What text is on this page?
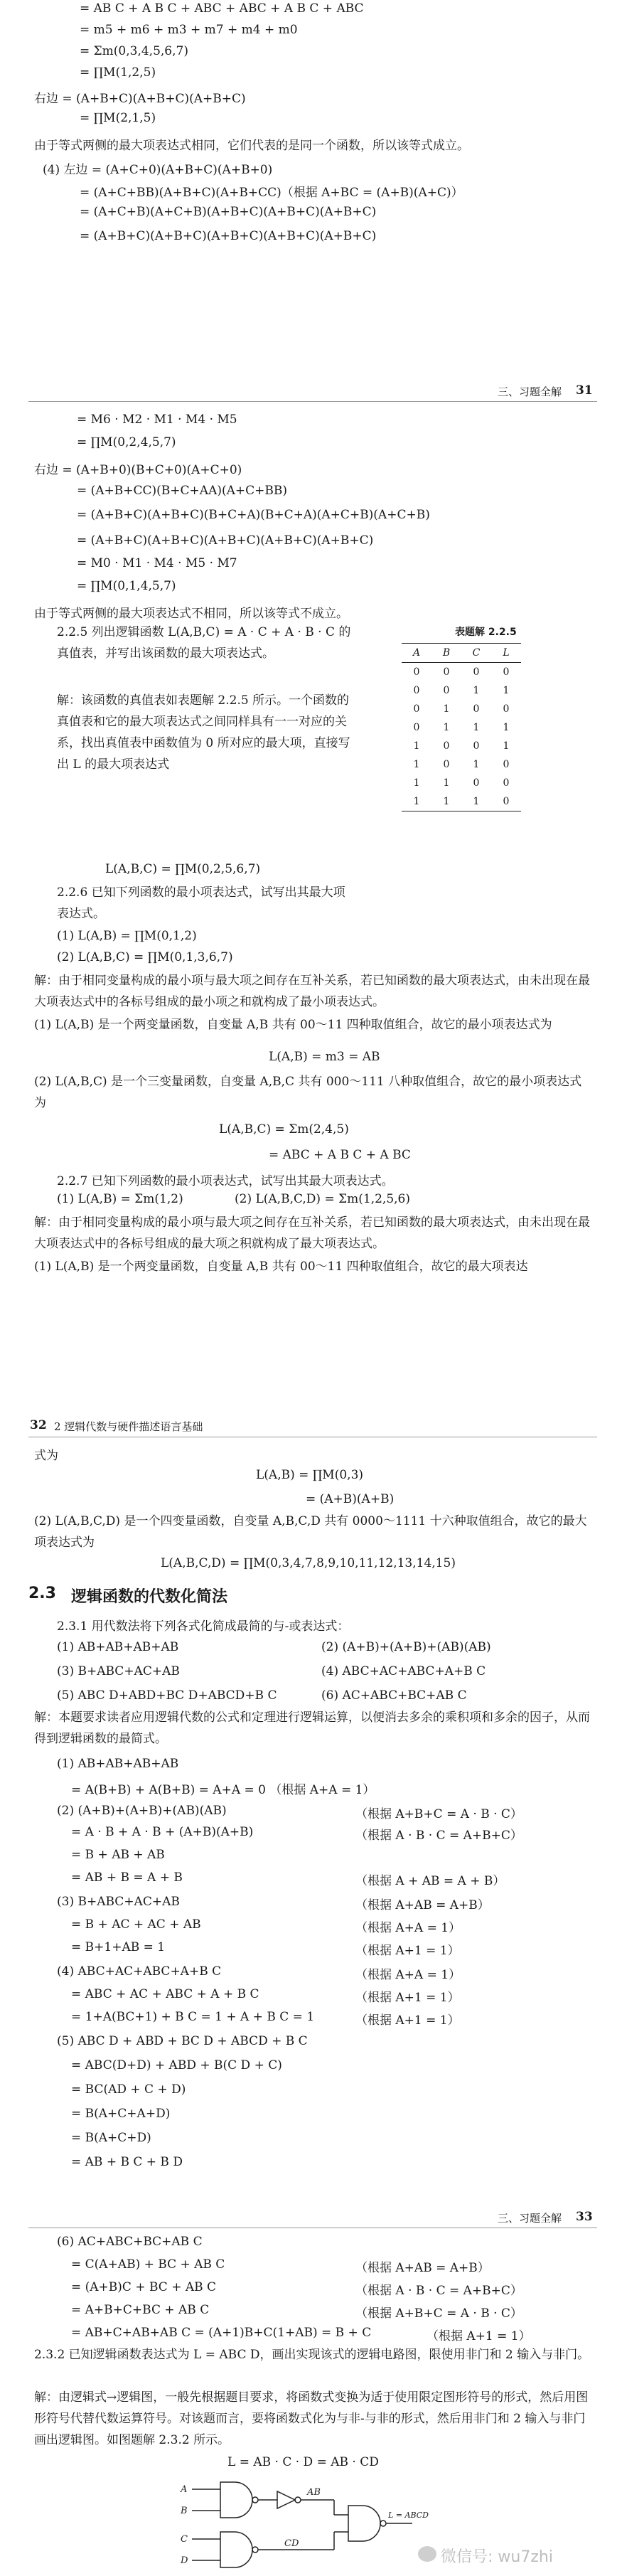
= AB C + A B C + ABC + ABC + A B C + ABC
= m5 + m6 + m3 + m7 + m4 + m0
= Σm(0,3,4,5,6,7)
= ∏M(1,2,5)
右边 = (A+B+C)(A+B+C)(A+B+C)
= ∏M(2,1,5)
由于等式两侧的最大项表达式相同，它们代表的是同一个函数，所以该等式成立。
(4) 左边 = (A+C+0)(A+B+C)(A+B+0)
= (A+C+BB)(A+B+C)(A+B+CC)（根据 A+BC = (A+B)(A+C)）
= (A+C+B)(A+C+B)(A+B+C)(A+B+C)(A+B+C)
= (A+B+C)(A+B+C)(A+B+C)(A+B+C)(A+B+C)
三、习题全解 31
= M6 · M2 · M1 · M4 · M5
= ∏M(0,2,4,5,7)
右边 = (A+B+0)(B+C+0)(A+C+0)
= (A+B+CC)(B+C+AA)(A+C+BB)
= (A+B+C)(A+B+C)(B+C+A)(B+C+A)(A+C+B)(A+C+B)
= (A+B+C)(A+B+C)(A+B+C)(A+B+C)(A+B+C)
= M0 · M1 · M4 · M5 · M7
= ∏M(0,1,4,5,7)
由于等式两侧的最大项表达式不相同，所以该等式不成立。
2.2.5 列出逻辑函数 L(A,B,C) = A · C + A · B · C 的真值表，并写出该函数的最大项表达式。
解：该函数的真值表如表题解 2.2.5 所示。一个函数的真值表和它的最大项表达式之间同样具有一一对应的关系，找出真值表中函数值为 0 所对应的最大项，直接写出 L 的最大项表达式
L(A,B,C) = ∏M(0,2,5,6,7)
表题解 2.2.5
A	B	C	L
0	0	0	0
0	0	1	1
0	1	0	0
0	1	1	1
1	0	0	1
1	0	1	0
1	1	0	0
1	1	1	0
2.2.6 已知下列函数的最小项表达式，试写出其最大项表达式。
(1) L(A,B) = ∏M(0,1,2)
(2) L(A,B,C) = ∏M(0,1,3,6,7)
解：由于相同变量构成的最小项与最大项之间存在互补关系，若已知函数的最大项表达式，由未出现在最大项表达式中的各标号组成的最小项之和就构成了最小项表达式。
(1) L(A,B) 是一个两变量函数，自变量 A,B 共有 00～11 四种取值组合，故它的最小项表达式为
L(A,B) = m3 = AB
(2) L(A,B,C) 是一个三变量函数，自变量 A,B,C 共有 000～111 八种取值组合，故它的最小项表达式为
L(A,B,C) = Σm(2,4,5)
= ABC + A B C + A BC
2.2.7 已知下列函数的最小项表达式，试写出其最大项表达式。
(1) L(A,B) = Σm(1,2)	(2) L(A,B,C,D) = Σm(1,2,5,6)
解：由于相同变量构成的最小项与最大项之间存在互补关系，若已知函数的最大项表达式，由未出现在最大项表达式中的各标号组成的最大项之积就构成了最大项表达式。
(1) L(A,B) 是一个两变量函数，自变量 A,B 共有 00～11 四种取值组合，故它的最大项表达
32 2 逻辑代数与硬件描述语言基础
式为
L(A,B) = ∏M(0,3)
= (A+B)(A+B)
(2) L(A,B,C,D) 是一个四变量函数，自变量 A,B,C,D 共有 0000～1111 十六种取值组合，故它的最大项表达式为
L(A,B,C,D) = ∏M(0,3,4,7,8,9,10,11,12,13,14,15)
2.3 逻辑函数的代数化简法
2.3.1 用代数法将下列各式化简成最简的与-或表达式：
(1) AB+AB+AB+AB	(2) (A+B)+(A+B)+(AB)(AB)
(3) B+ABC+AC+AB	(4) ABC+AC+ABC+A+B C
(5) ABC D+ABD+BC D+ABCD+B C	(6) AC+ABC+BC+AB C
解：本题要求读者应用逻辑代数的公式和定理进行逻辑运算，以便消去多余的乘积项和多余的因子，从而得到逻辑函数的最简式。
(1) AB+AB+AB+AB
= A(B+B) + A(B+B) = A+A = 0 （根据 A+A = 1）
(2) (A+B)+(A+B)+(AB)(AB)	（根据 A+B+C = A · B · C）
= A · B + A · B + (A+B)(A+B)	（根据 A · B · C = A+B+C）
= B + AB + AB
= AB + B = A + B	（根据 A + AB = A + B）
(3) B+ABC+AC+AB	（根据 A+AB = A+B）
= B + AC + AC + AB	（根据 A+A = 1）
= B+1+AB = 1	（根据 A+1 = 1）
(4) ABC+AC+ABC+A+B C	（根据 A+A = 1）
= ABC + AC + ABC + A + B C	（根据 A+1 = 1）
= 1+A(BC+1) + B C = 1 + A + B C = 1	（根据 A+1 = 1）
(5) ABC D + ABD + BC D + ABCD + B C
= ABC(D+D) + ABD + B(C D + C)
= BC(AD + C + D)
= B(A+C+A+D)
= B(A+C+D)
= AB + B C + B D
三、习题全解 33
(6) AC+ABC+BC+AB C
= C(A+AB) + BC + AB C	（根据 A+AB = A+B）
= (A+B)C + BC + AB C	（根据 A · B · C = A+B+C）
= A+B+C+BC + AB C	（根据 A+B+C = A · B · C）
= AB+C+AB+AB C = (A+1)B+C(1+AB) = B + C	（根据 A+1 = 1）
2.3.2 已知逻辑函数表达式为 L = ABC D，画出实现该式的逻辑电路图，限使用非门和 2 输入与非门。
解：由逻辑式→逻辑图，一般先根据题目要求，将函数式变换为适于使用限定图形符号的形式，然后用图形符号代替代数运算符号。对该题而言，要将函数式化为与非-与非的形式，然后用非门和 2 输入与非门画出逻辑图。如图题解 2.3.2 所示。
L = AB · C · D = AB · CD
A
B
C
D
AB
CD
L = ABCD
微信号: wu7zhi
